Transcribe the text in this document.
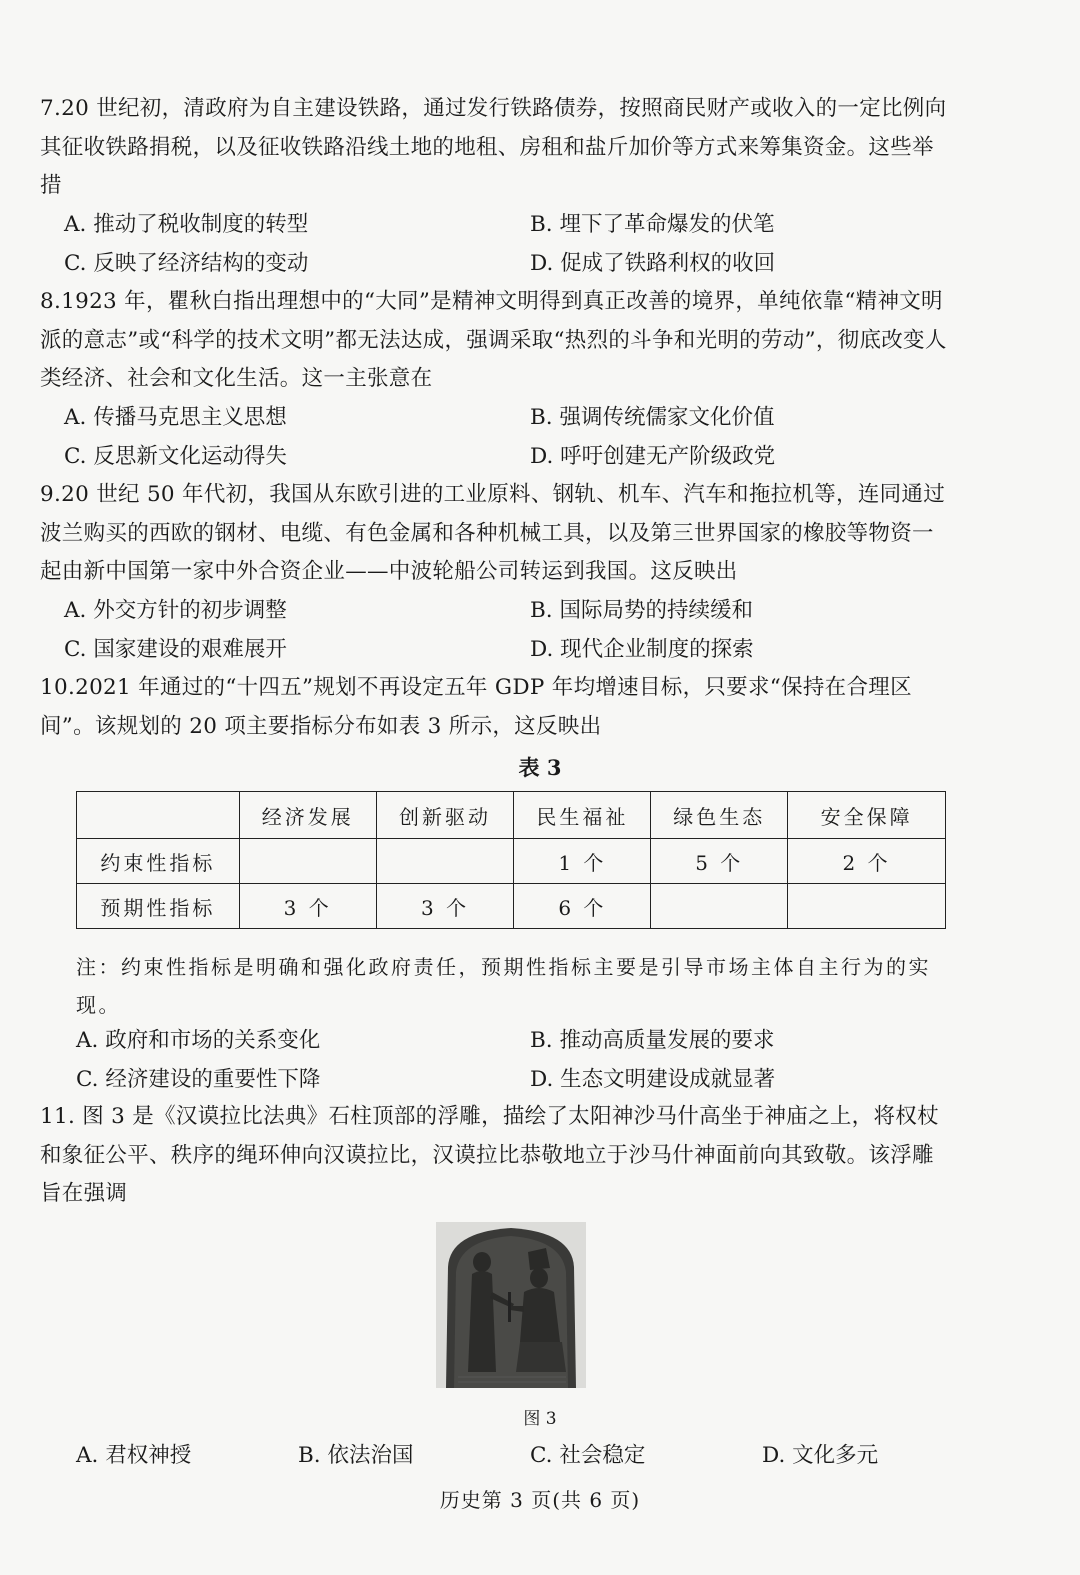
7.20 世纪初，清政府为自主建设铁路，通过发行铁路债券，按照商民财产或收入的一定比例向其征收铁路捐税，以及征收铁路沿线土地的地租、房租和盐斤加价等方式来筹集资金。这些举措
A. 推动了税收制度的转型	B. 埋下了革命爆发的伏笔
C. 反映了经济结构的变动	D. 促成了铁路利权的收回
8.1923 年，瞿秋白指出理想中的“大同”是精神文明得到真正改善的境界，单纯依靠“精神文明派的意志”或“科学的技术文明”都无法达成，强调采取“热烈的斗争和光明的劳动”，彻底改变人类经济、社会和文化生活。这一主张意在
A. 传播马克思主义思想	B. 强调传统儒家文化价值
C. 反思新文化运动得失	D. 呼吁创建无产阶级政党
9.20 世纪 50 年代初，我国从东欧引进的工业原料、钢轨、机车、汽车和拖拉机等，连同通过波兰购买的西欧的钢材、电缆、有色金属和各种机械工具，以及第三世界国家的橡胶等物资一起由新中国第一家中外合资企业——中波轮船公司转运到我国。这反映出
A. 外交方针的初步调整	B. 国际局势的持续缓和
C. 国家建设的艰难展开	D. 现代企业制度的探索
10.2021 年通过的“十四五”规划不再设定五年 GDP 年均增速目标，只要求“保持在合理区间”。该规划的 20 项主要指标分布如表 3 所示，这反映出
表 3
	经济发展	创新驱动	民生福祉	绿色生态	安全保障
约束性指标			1 个	5 个	2 个
预期性指标	3 个	3 个	6 个		
注：约束性指标是明确和强化政府责任，预期性指标主要是引导市场主体自主行为的实现。
A. 政府和市场的关系变化	B. 推动高质量发展的要求
C. 经济建设的重要性下降	D. 生态文明建设成就显著
11. 图 3 是《汉谟拉比法典》石柱顶部的浮雕，描绘了太阳神沙马什高坐于神庙之上，将权杖和象征公平、秩序的绳环伸向汉谟拉比，汉谟拉比恭敬地立于沙马什神面前向其致敬。该浮雕旨在强调
图 3
A. 君权神授	B. 依法治国	C. 社会稳定	D. 文化多元
历史第 3 页(共 6 页)
